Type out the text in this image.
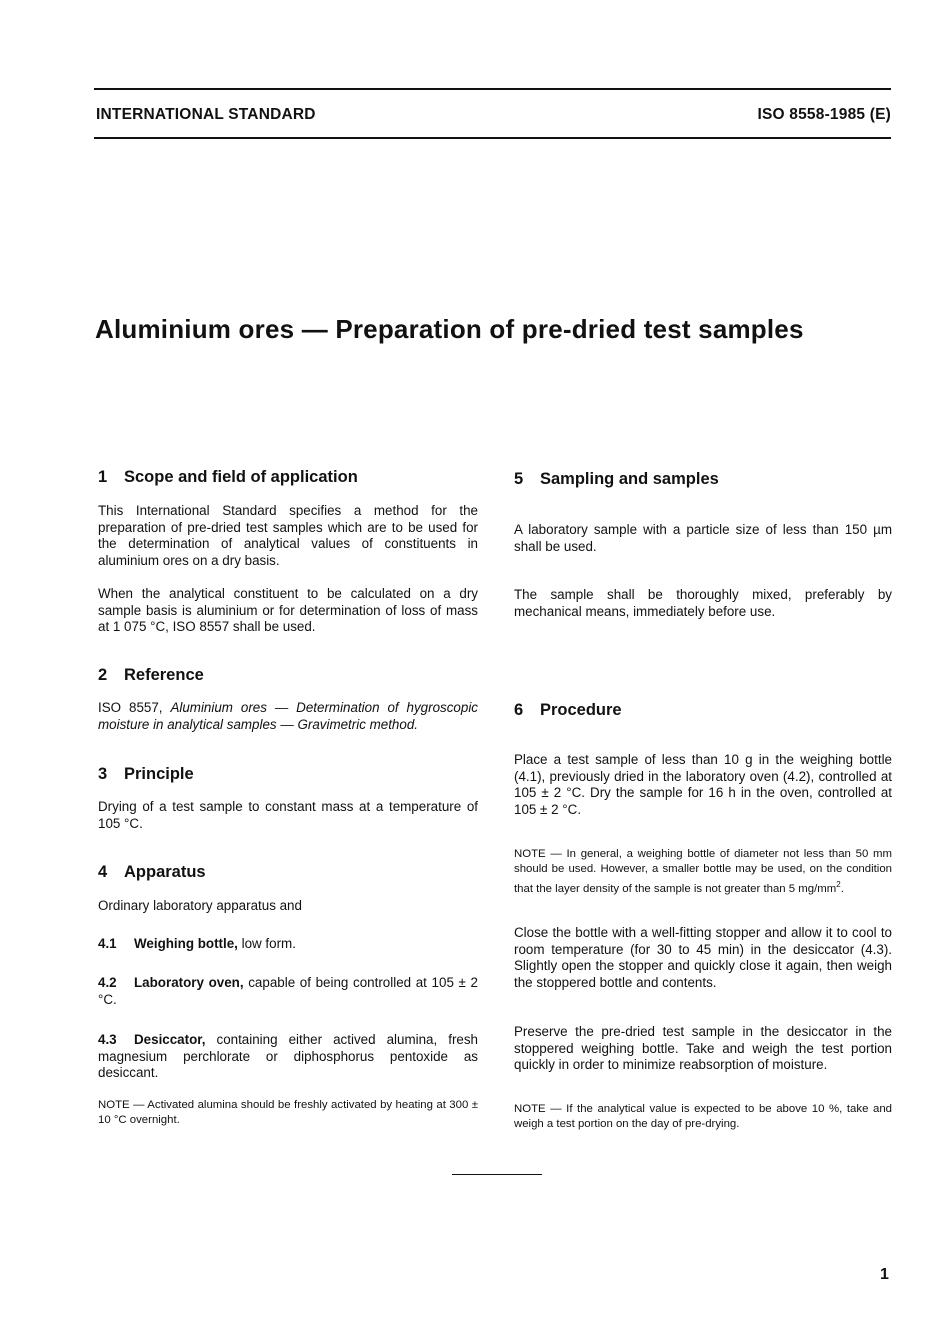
INTERNATIONAL STANDARD	ISO 8558-1985 (E)
Aluminium ores — Preparation of pre-dried test samples
1 Scope and field of application
This International Standard specifies a method for the preparation of pre-dried test samples which are to be used for the determination of analytical values of constituents in aluminium ores on a dry basis.
When the analytical constituent to be calculated on a dry sample basis is aluminium or for determination of loss of mass at 1 075 °C, ISO 8557 shall be used.
2 Reference
ISO 8557, Aluminium ores — Determination of hygroscopic moisture in analytical samples — Gravimetric method.
3 Principle
Drying of a test sample to constant mass at a temperature of 105 °C.
4 Apparatus
Ordinary laboratory apparatus and
4.1 Weighing bottle, low form.
4.2 Laboratory oven, capable of being controlled at 105 ± 2 °C.
4.3 Desiccator, containing either actived alumina, fresh magnesium perchlorate or diphosphorus pentoxide as desiccant.
NOTE — Activated alumina should be freshly activated by heating at 300 ± 10 °C overnight.
5 Sampling and samples
A laboratory sample with a particle size of less than 150 µm shall be used.
The sample shall be thoroughly mixed, preferably by mechanical means, immediately before use.
6 Procedure
Place a test sample of less than 10 g in the weighing bottle (4.1), previously dried in the laboratory oven (4.2), controlled at 105 ± 2 °C. Dry the sample for 16 h in the oven, controlled at 105 ± 2 °C.
NOTE — In general, a weighing bottle of diameter not less than 50 mm should be used. However, a smaller bottle may be used, on the condition that the layer density of the sample is not greater than 5 $mg/mm^2$.
Close the bottle with a well-fitting stopper and allow it to cool to room temperature (for 30 to 45 min) in the desiccator (4.3). Slightly open the stopper and quickly close it again, then weigh the stoppered bottle and contents.
Preserve the pre-dried test sample in the desiccator in the stoppered weighing bottle. Take and weigh the test portion quickly in order to minimize reabsorption of moisture.
NOTE — If the analytical value is expected to be above 10 %, take and weigh a test portion on the day of pre-drying.
1
